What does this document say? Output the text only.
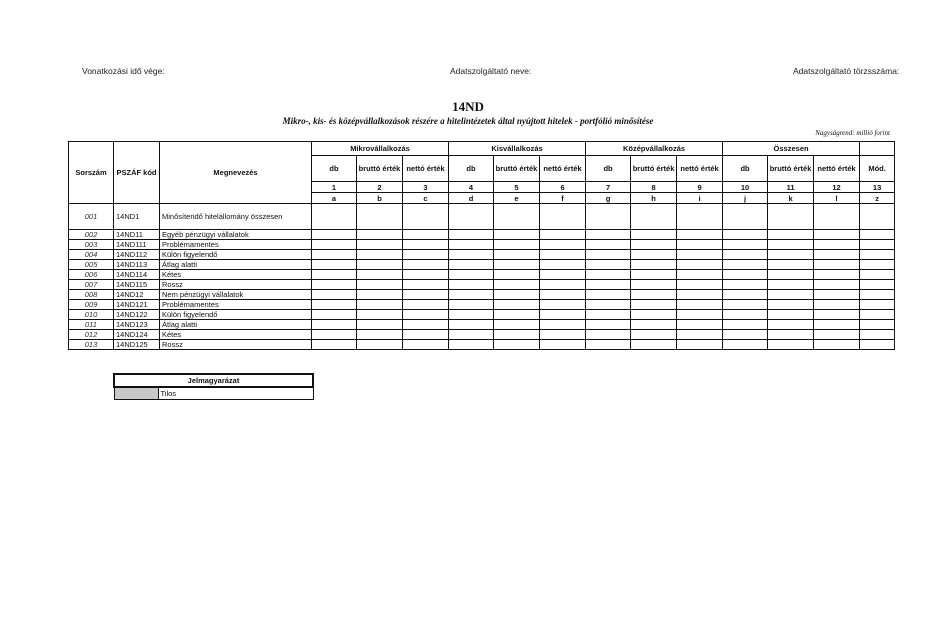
Vonatkozási idő vége:	Adatszolgáltató neve:	Adatszolgáltató törzsszáma:
14ND
Mikro-, kis- és középvállalkozások részére a hitelintézetek által nyújtott hitelek - portfólió minősítése
Nagyságrend: millió forint
Sorszám	PSZÁF kód	Megnevezés	Mikrovállalkozás			Kisvállalkozás			Középvállalkozás			Összesen			
			db	bruttó érték	nettó érték	db	bruttó érték	nettó érték	db	bruttó érték	nettó érték	db	bruttó érték	nettó érték	Mód.
			1	2	3	4	5	6	7	8	9	10	11	12	13
			a	b	c	d	e	f	g	h	i	j	k	l	z
001	14ND1	Minősítendő hitelállomány összesen													
002	14ND11	Egyéb pénzügyi vállalatok													
003	14ND111	Problémamentes													
004	14ND112	Külön figyelendő													
005	14ND113	Átlag alatti													
006	14ND114	Kétes													
007	14ND115	Rossz													
008	14ND12	Nem pénzügyi vállalatok													
009	14ND121	Problémamentes													
010	14ND122	Külön figyelendő													
011	14ND123	Átlag alatti													
012	14ND124	Kétes													
013	14ND125	Rossz													
Jelmagyarázat
	Tilos
